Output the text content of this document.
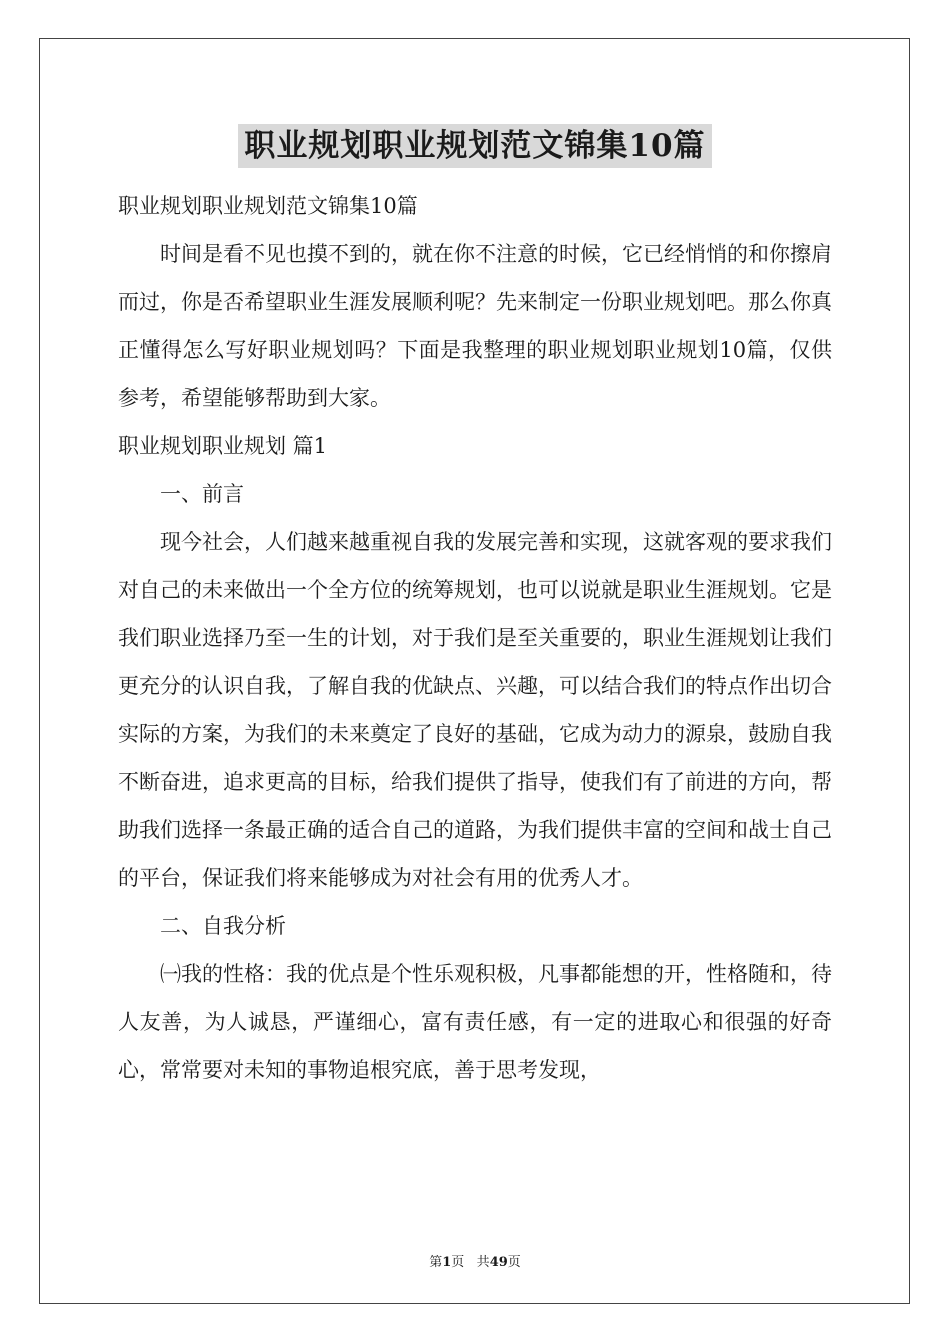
职业规划职业规划范文锦集10篇

职业规划职业规划范文锦集10篇

时间是看不见也摸不到的，就在你不注意的时候，它已经悄悄的和你擦肩而过，你是否希望职业生涯发展顺利呢？先来制定一份职业规划吧。那么你真正懂得怎么写好职业规划吗？下面是我整理的职业规划职业规划10篇，仅供参考，希望能够帮助到大家。

职业规划职业规划 篇1

一、前言

现今社会，人们越来越重视自我的发展完善和实现，这就客观的要求我们对自己的未来做出一个全方位的统筹规划，也可以说就是职业生涯规划。它是我们职业选择乃至一生的计划，对于我们是至关重要的，职业生涯规划让我们更充分的认识自我，了解自我的优缺点、兴趣，可以结合我们的特点作出切合实际的方案，为我们的未来奠定了良好的基础，它成为动力的源泉，鼓励自我不断奋进，追求更高的目标，给我们提供了指导，使我们有了前进的方向，帮助我们选择一条最正确的适合自己的道路，为我们提供丰富的空间和战士自己的平台，保证我们将来能够成为对社会有用的优秀人才。

二、自我分析

㈠我的性格：我的优点是个性乐观积极，凡事都能想的开，性格随和，待人友善，为人诚恳，严谨细心，富有责任感，有一定的进取心和很强的好奇心，常常要对未知的事物追根究底，善于思考发现，

第1页 共49页
